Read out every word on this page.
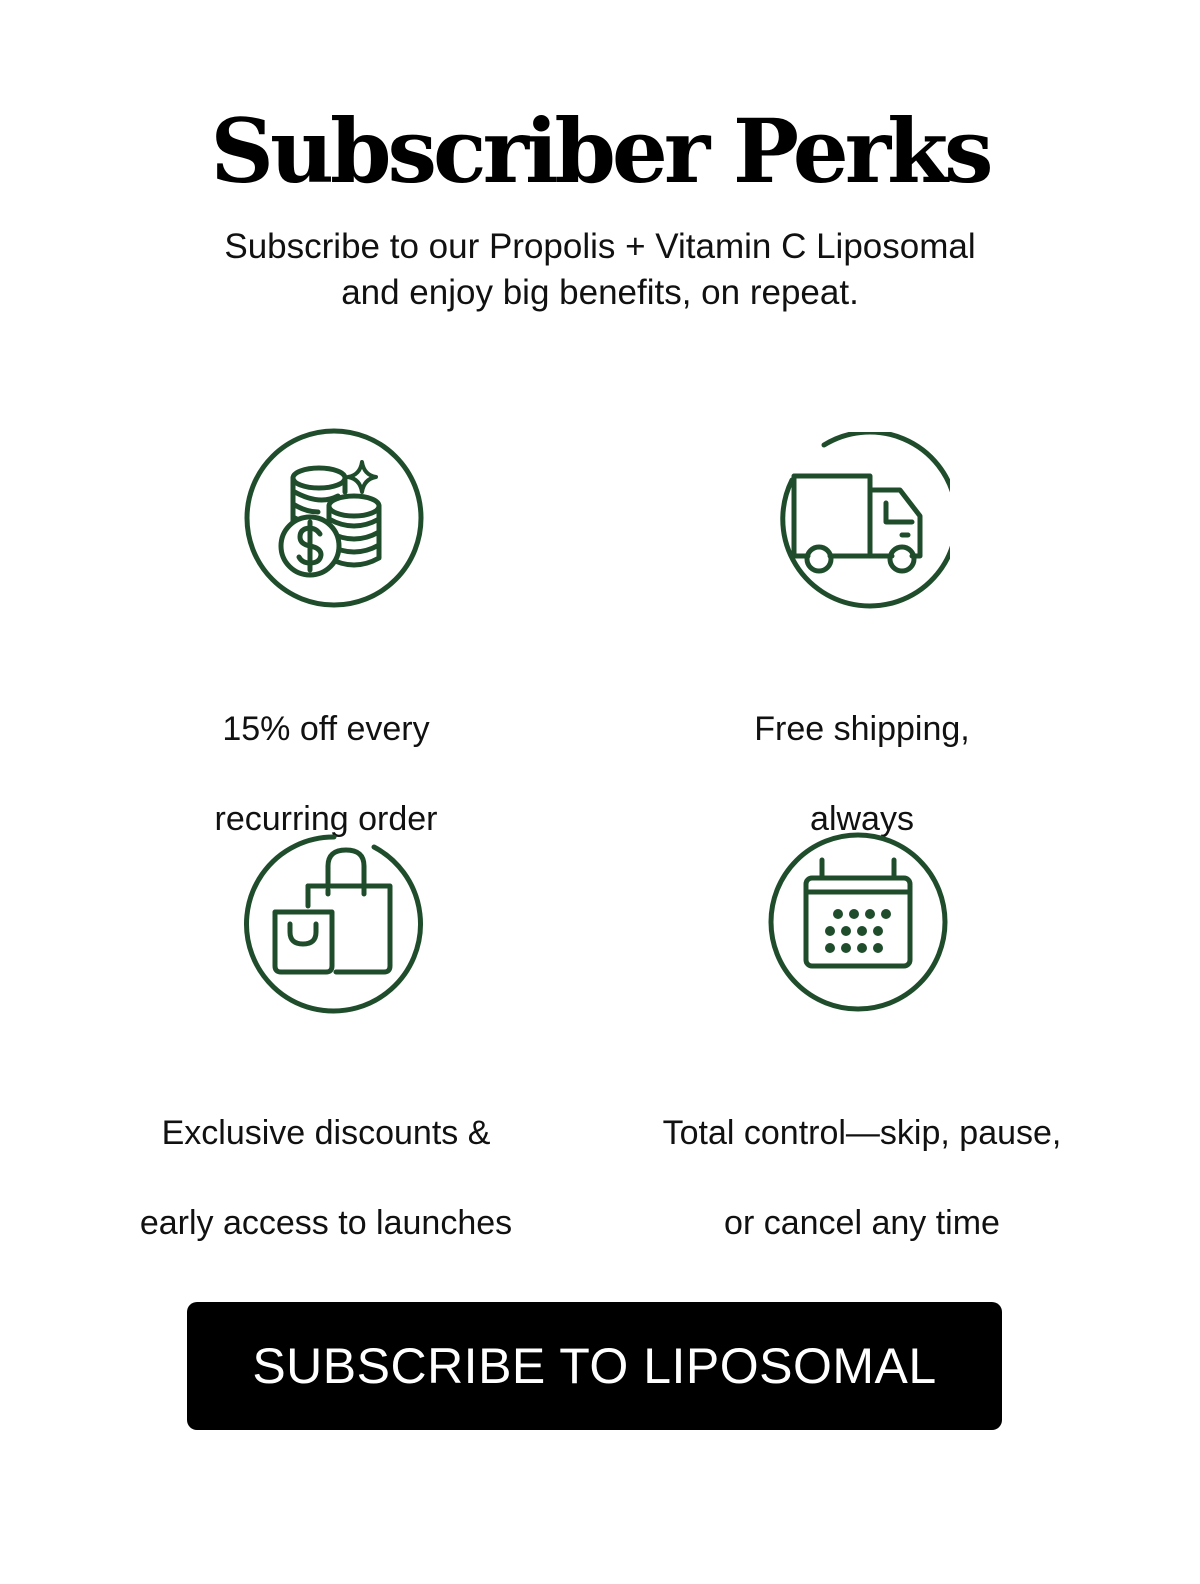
Subscriber Perks

Subscribe to our Propolis + Vitamin C Liposomal
and enjoy big benefits, on repeat.

15% off every

recurring order

Free shipping,

always

Exclusive discounts &

early access to launches

Total control—skip, pause,

or cancel any time

SUBSCRIBE TO LIPOSOMAL
